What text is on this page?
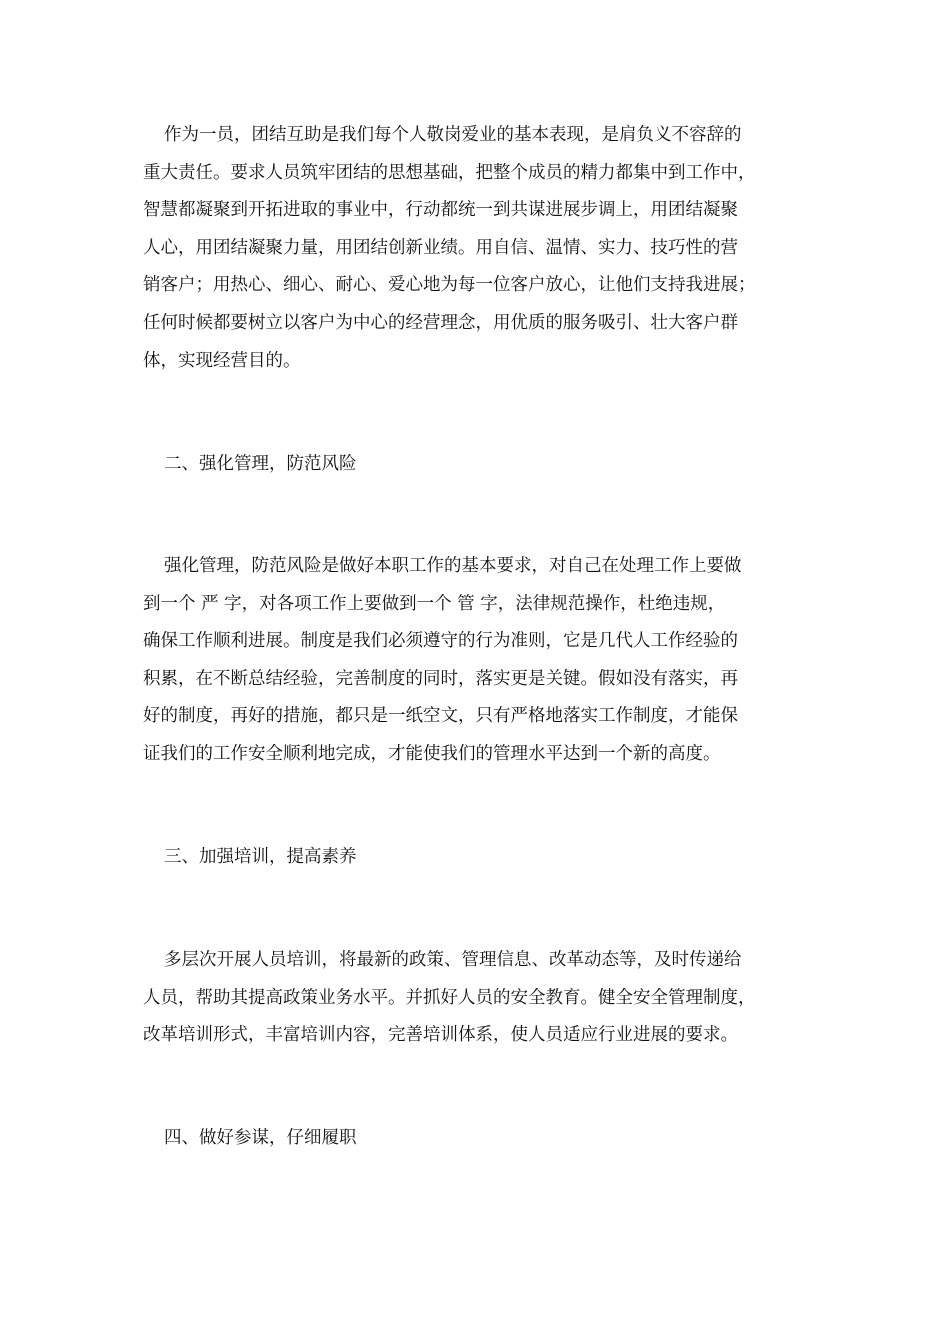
作为一员，团结互助是我们每个人敬岗爱业的基本表现，是肩负义不容辞的
重大责任。要求人员筑牢团结的思想基础，把整个成员的精力都集中到工作中，
智慧都凝聚到开拓进取的事业中，行动都统一到共谋进展步调上，用团结凝聚
人心，用团结凝聚力量，用团结创新业绩。用自信、温情、实力、技巧性的营
销客户；用热心、细心、耐心、爱心地为每一位客户放心，让他们支持我进展；
任何时候都要树立以客户为中心的经营理念，用优质的服务吸引、壮大客户群
体，实现经营目的。
二、强化管理，防范风险
强化管理，防范风险是做好本职工作的基本要求，对自己在处理工作上要做
到一个 严 字，对各项工作上要做到一个 管 字，法律规范操作，杜绝违规，
确保工作顺利进展。制度是我们必须遵守的行为准则，它是几代人工作经验的
积累，在不断总结经验，完善制度的同时，落实更是关键。假如没有落实，再
好的制度，再好的措施，都只是一纸空文，只有严格地落实工作制度，才能保
证我们的工作安全顺利地完成，才能使我们的管理水平达到一个新的高度。
三、加强培训，提高素养
多层次开展人员培训，将最新的政策、管理信息、改革动态等，及时传递给
人员，帮助其提高政策业务水平。并抓好人员的安全教育。健全安全管理制度，
改革培训形式，丰富培训内容，完善培训体系，使人员适应行业进展的要求。
四、做好参谋，仔细履职
